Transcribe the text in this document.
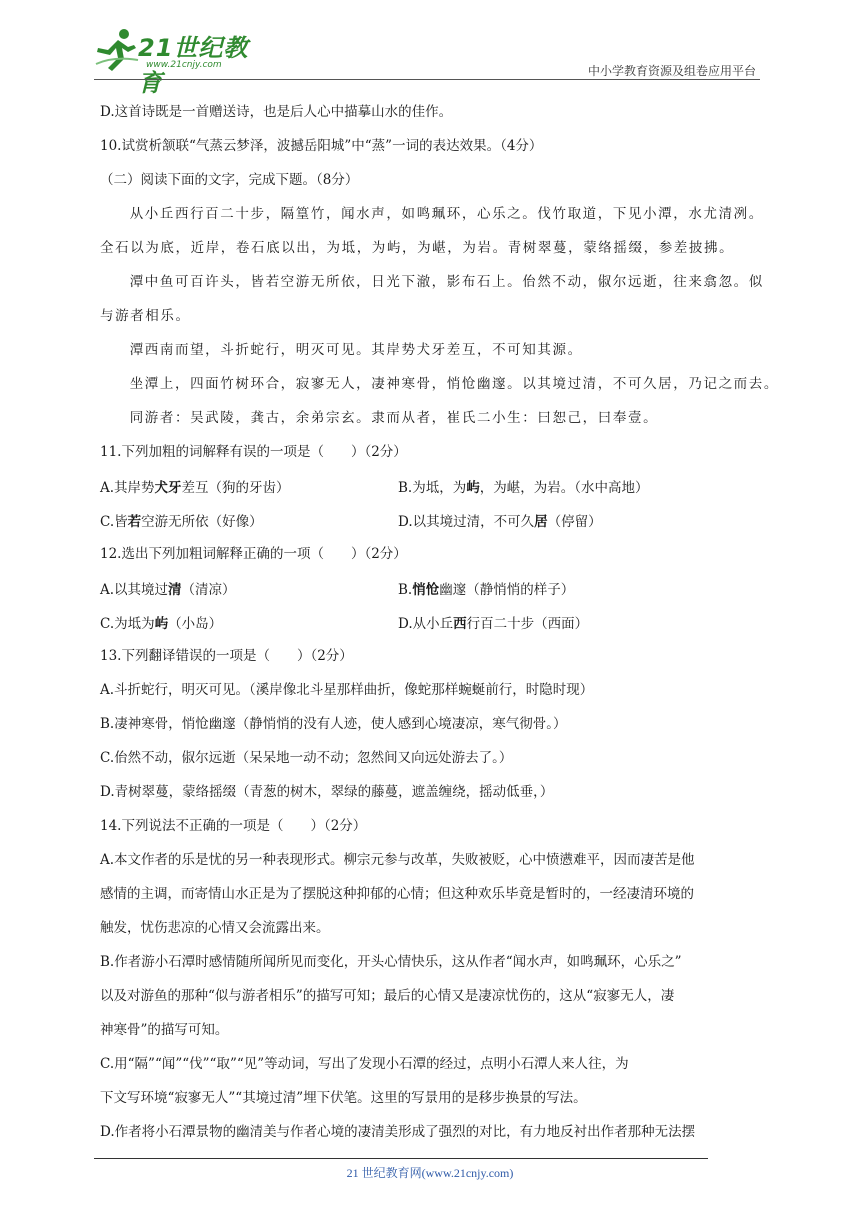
21世纪教育
www.21cnjy.com	中小学教育资源及组卷应用平台
D.这首诗既是一首赠送诗，也是后人心中描摹山水的佳作。
10.试赏析颔联“气蒸云梦泽，波撼岳阳城”中“蒸”一词的表达效果。（4分）
（二）阅读下面的文字，完成下题。（8分）
从小丘西行百二十步，隔篁竹，闻水声，如鸣珮环，心乐之。伐竹取道，下见小潭，水尤清冽。
全石以为底，近岸，卷石底以出，为坻，为屿，为嵁，为岩。青树翠蔓，蒙络摇缀，参差披拂。
潭中鱼可百许头，皆若空游无所依，日光下澈，影布石上。佁然不动，俶尔远逝，往来翕忽。似
与游者相乐。
潭西南而望，斗折蛇行，明灭可见。其岸势犬牙差互，不可知其源。
坐潭上，四面竹树环合，寂寥无人，凄神寒骨，悄怆幽邃。以其境过清，不可久居，乃记之而去。
同游者：吴武陵，龚古，余弟宗玄。隶而从者，崔氏二小生：曰恕己，曰奉壹。
11.下列加粗的词解释有误的一项是（　　）（2分）
A.其岸势犬牙差互（狗的牙齿）	B.为坻，为屿，为嵁，为岩。（水中高地）
C.皆若空游无所依（好像）	D.以其境过清，不可久居（停留）
12.选出下列加粗词解释正确的一项（　　）（2分）
A.以其境过清（清凉）	B.悄怆幽邃（静悄悄的样子）
C.为坻为屿（小岛）	D.从小丘西行百二十步（西面）
13.下列翻译错误的一项是（　　）（2分）
A.斗折蛇行，明灭可见。（溪岸像北斗星那样曲折，像蛇那样蜿蜒前行，时隐时现）
B.凄神寒骨，悄怆幽邃（静悄悄的没有人迹，使人感到心境凄凉，寒气彻骨。）
C.佁然不动，俶尔远逝（呆呆地一动不动；忽然间又向远处游去了。）
D.青树翠蔓，蒙络摇缀（青葱的树木，翠绿的藤蔓，遮盖缠绕，摇动低垂，）
14.下列说法不正确的一项是（　　）（2分）
A.本文作者的乐是忧的另一种表现形式。柳宗元参与改革，失败被贬，心中愤懑难平，因而凄苦是他
感情的主调，而寄情山水正是为了摆脱这种抑郁的心情；但这种欢乐毕竟是暂时的，一经凄清环境的
触发，忧伤悲凉的心情又会流露出来。
B.作者游小石潭时感情随所闻所见而变化，开头心情快乐，这从作者“闻水声，如鸣珮环，心乐之”
以及对游鱼的那种“似与游者相乐”的描写可知；最后的心情又是凄凉忧伤的，这从“寂寥无人，凄
神寒骨”的描写可知。
C.用“隔”“闻”“伐”“取”“见”等动词，写出了发现小石潭的经过，点明小石潭人来人往，为
下文写环境“寂寥无人”“其境过清”埋下伏笔。这里的写景用的是移步换景的写法。
D.作者将小石潭景物的幽清美与作者心境的凄清美形成了强烈的对比，有力地反衬出作者那种无法摆
21 世纪教育网(www.21cnjy.com)
